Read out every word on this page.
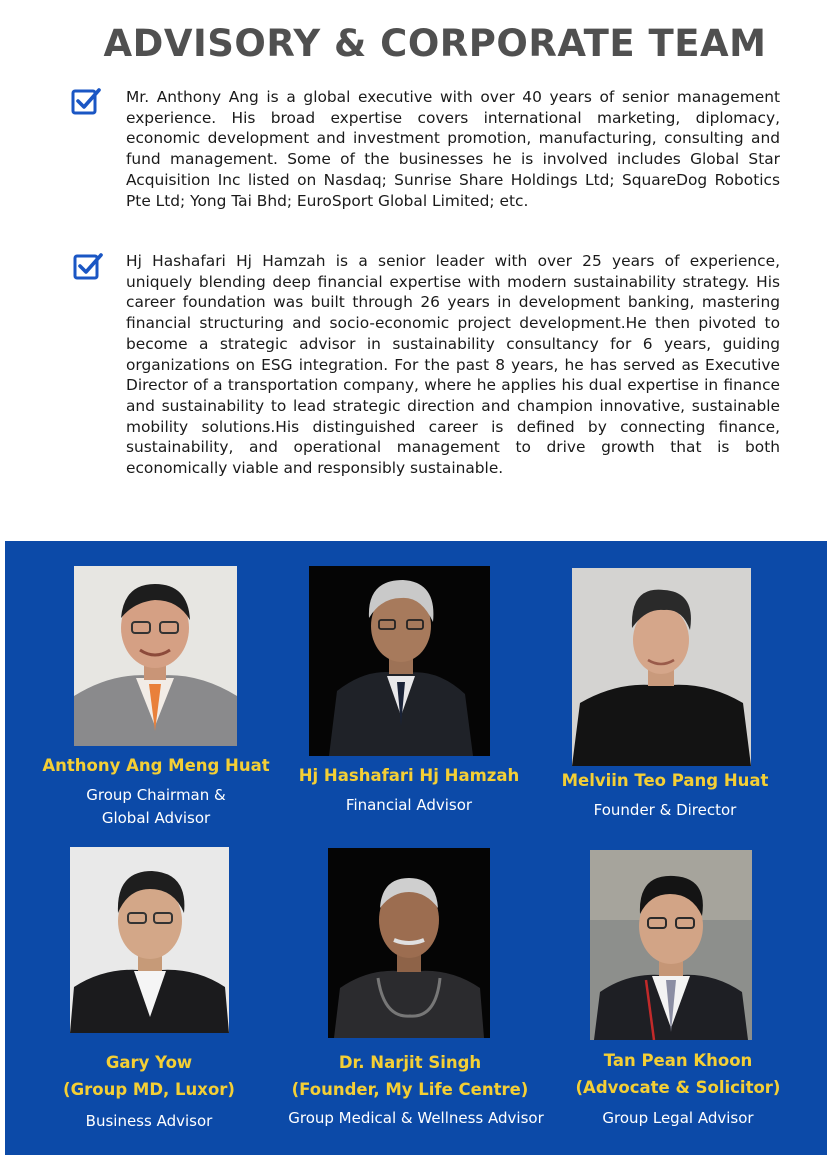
ADVISORY & CORPORATE TEAM
Mr. Anthony Ang is a global executive with over 40 years of senior management experience. His broad expertise covers international marketing, diplomacy, economic development and investment promotion, manufacturing, consulting and fund management. Some of the businesses he is involved includes Global Star Acquisition Inc listed on Nasdaq; Sunrise Share Holdings Ltd; SquareDog Robotics Pte Ltd; Yong Tai Bhd; EuroSport Global Limited; etc.
Hj Hashafari Hj Hamzah is a senior leader with over 25 years of experience, uniquely blending deep financial expertise with modern sustainability strategy. His career foundation was built through 26 years in development banking, mastering financial structuring and socio-economic project development.He then pivoted to become a strategic advisor in sustainability consultancy for 6 years, guiding organizations on ESG integration. For the past 8 years, he has served as Executive Director of a transportation company, where he applies his dual expertise in finance and sustainability to lead strategic direction and champion innovative, sustainable mobility solutions.His distinguished career is defined by connecting finance, sustainability, and operational management to drive growth that is both economically viable and responsibly sustainable.
Anthony Ang Meng Huat
Group Chairman &
Global Advisor
Hj Hashafari Hj Hamzah
Financial Advisor
Melviin Teo Pang Huat
Founder & Director
Gary Yow
(Group MD, Luxor)
Business Advisor
Dr. Narjit Singh
(Founder, My Life Centre)
Group Medical & Wellness Advisor
Tan Pean Khoon
(Advocate & Solicitor)
Group Legal Advisor
